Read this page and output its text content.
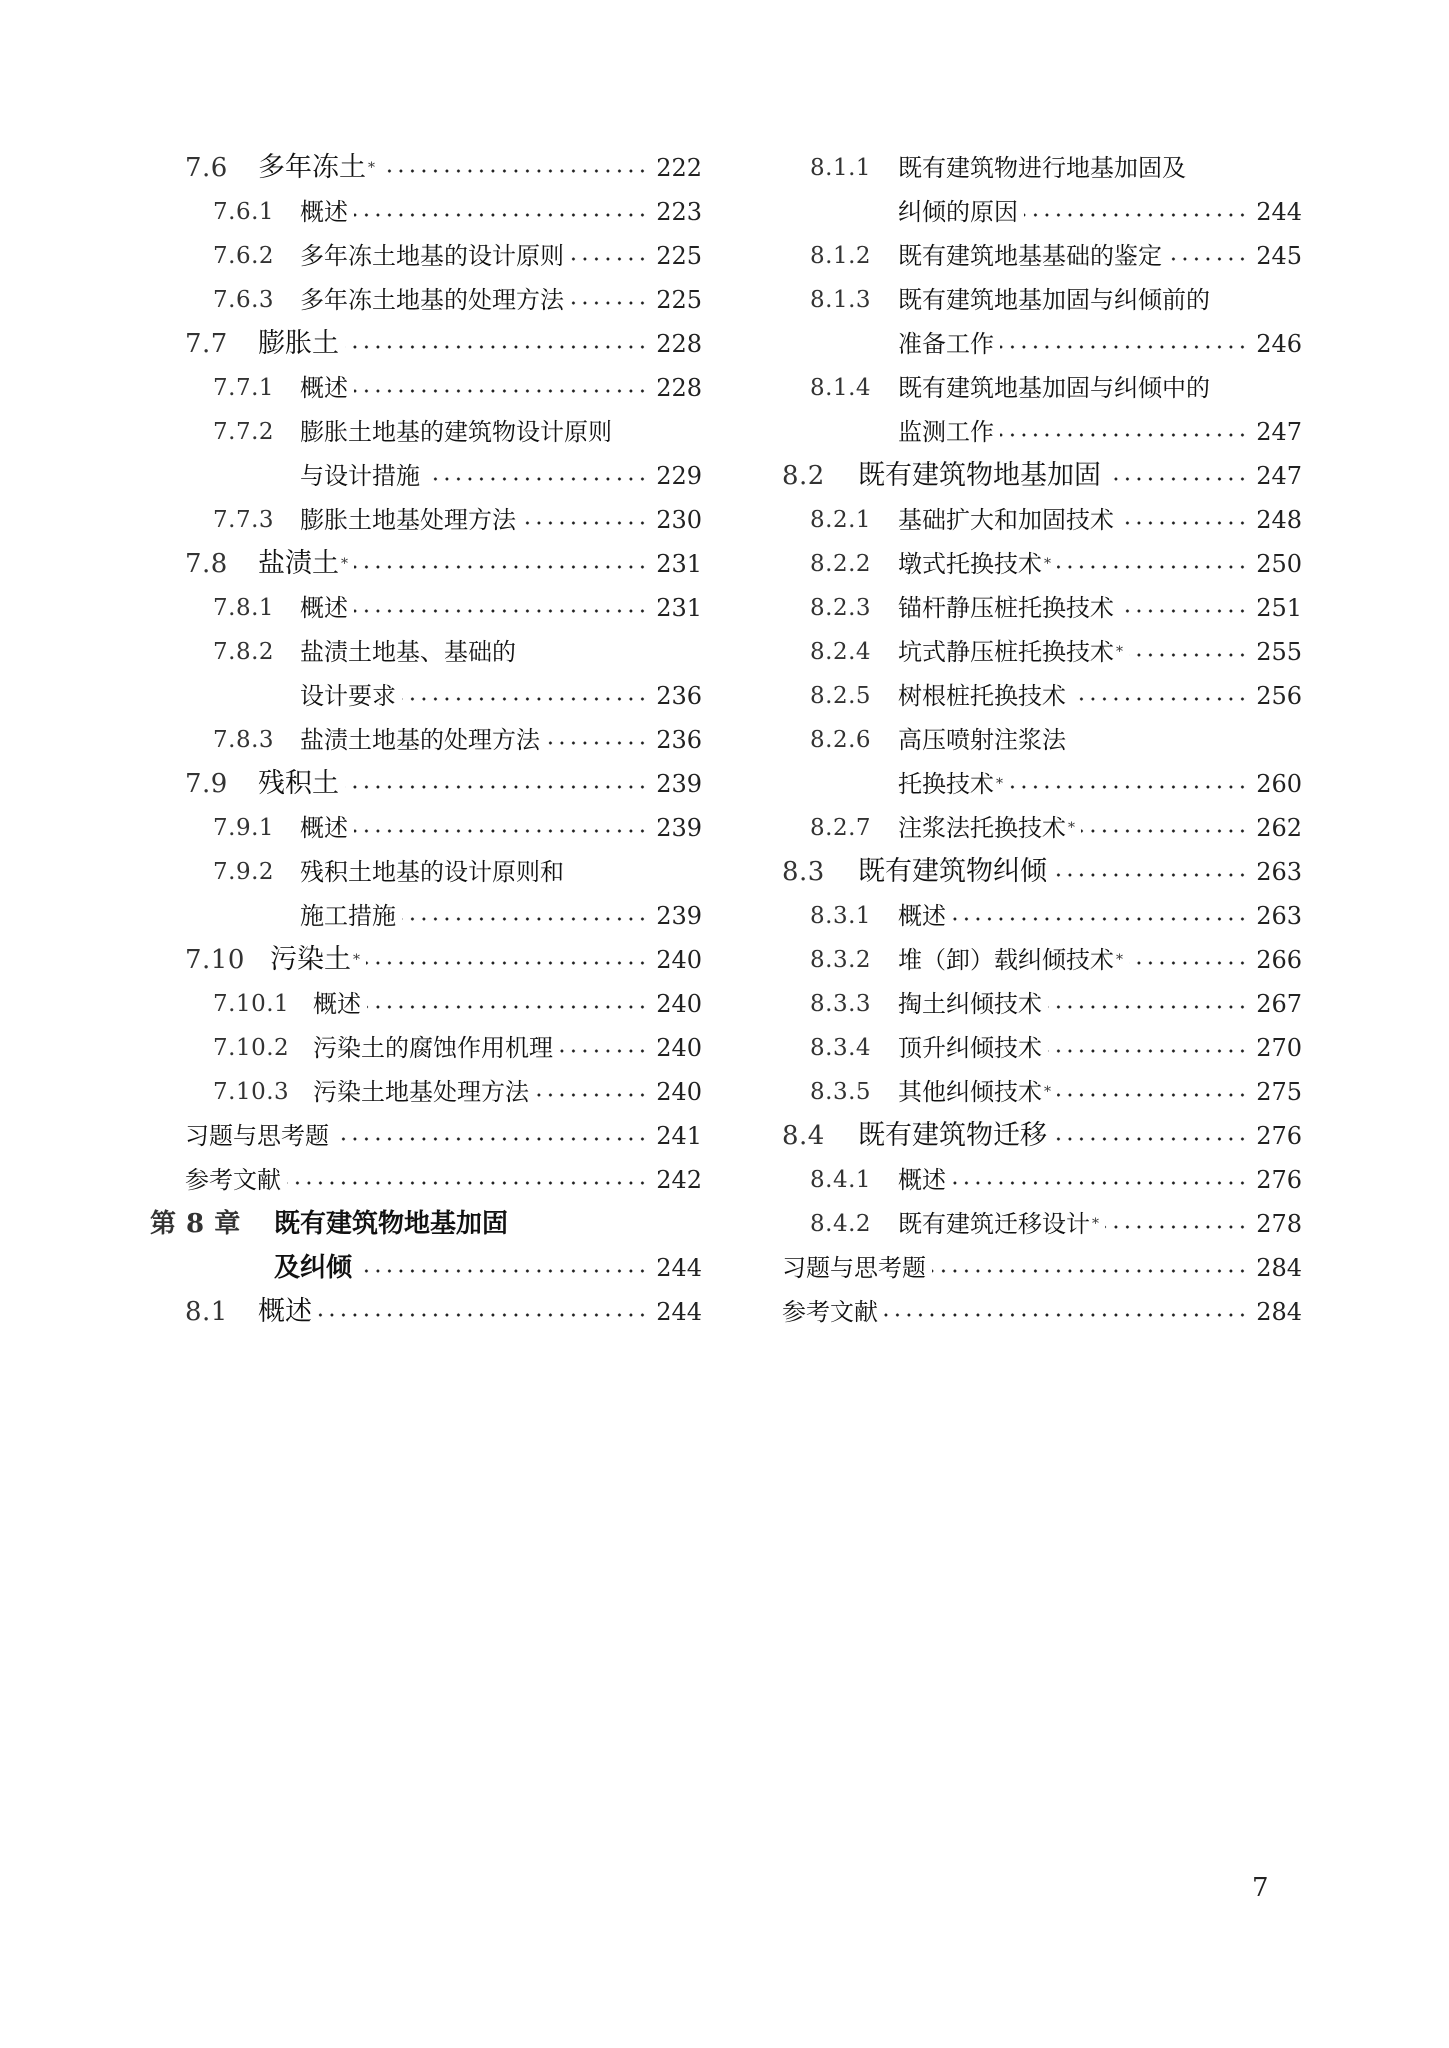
7.6 多年冻土 *	222
7.6.1 概述	223
7.6.2 多年冻土地基的设计原则	225
7.6.3 多年冻土地基的处理方法	225
7.7 膨胀土	228
7.7.1 概述	228
7.7.2 膨胀土地基的建筑物设计原则
与设计措施	229
7.7.3 膨胀土地基处理方法	230
7.8 盐渍土 *	231
7.8.1 概述	231
7.8.2 盐渍土地基、基础的
设计要求	236
7.8.3 盐渍土地基的处理方法	236
7.9 残积土	239
7.9.1 概述	239
7.9.2 残积土地基的设计原则和
施工措施	239
7.10 污染土 *	240
7.10.1 概述	240
7.10.2 污染土的腐蚀作用机理	240
7.10.3 污染土地基处理方法	240
习题与思考题	241
参考文献	242
第 8 章 既有建筑物地基加固
及纠倾	244
8.1 概述	244
8.1.1 既有建筑物进行地基加固及
纠倾的原因	244
8.1.2 既有建筑地基基础的鉴定	245
8.1.3 既有建筑地基加固与纠倾前的
准备工作	246
8.1.4 既有建筑地基加固与纠倾中的
监测工作	247
8.2 既有建筑物地基加固	247
8.2.1 基础扩大和加固技术	248
8.2.2 墩式托换技术 *	250
8.2.3 锚杆静压桩托换技术	251
8.2.4 坑式静压桩托换技术 *	255
8.2.5 树根桩托换技术	256
8.2.6 高压喷射注浆法
托换技术 *	260
8.2.7 注浆法托换技术 *	262
8.3 既有建筑物纠倾	263
8.3.1 概述	263
8.3.2 堆（卸）载纠倾技术 *	266
8.3.3 掏土纠倾技术	267
8.3.4 顶升纠倾技术	270
8.3.5 其他纠倾技术 *	275
8.4 既有建筑物迁移	276
8.4.1 概述	276
8.4.2 既有建筑迁移设计 *	278
习题与思考题	284
参考文献	284
7
